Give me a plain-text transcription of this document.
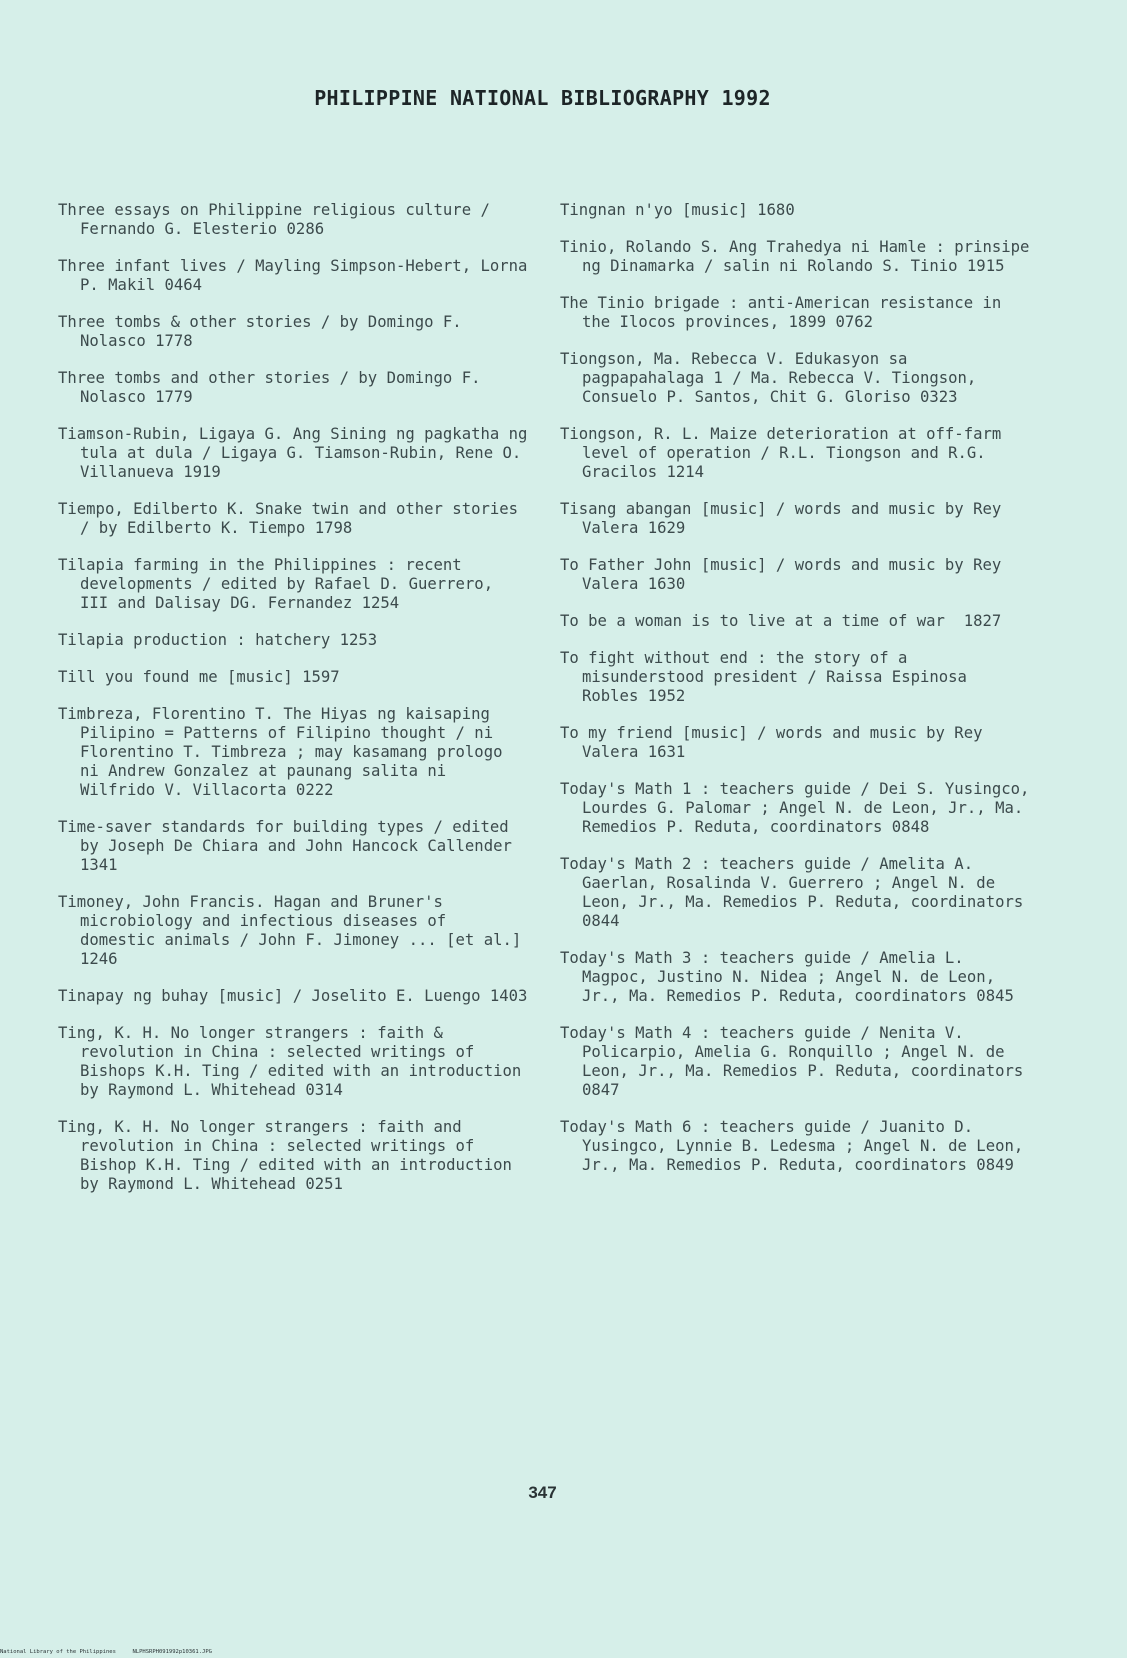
PHILIPPINE NATIONAL BIBLIOGRAPHY 1992

Three essays on Philippine religious culture / Fernando G. Elesterio 0286

Three infant lives / Mayling Simpson-Hebert, Lorna P. Makil 0464

Three tombs & other stories / by Domingo F. Nolasco 1778

Three tombs and other stories / by Domingo F. Nolasco 1779

Tiamson-Rubin, Ligaya G. Ang Sining ng pagkatha ng tula at dula / Ligaya G. Tiamson-Rubin, Rene O. Villanueva 1919

Tiempo, Edilberto K. Snake twin and other stories / by Edilberto K. Tiempo 1798

Tilapia farming in the Philippines : recent developments / edited by Rafael D. Guerrero, III and Dalisay DG. Fernandez 1254

Tilapia production : hatchery 1253

Till you found me [music] 1597

Timbreza, Florentino T. The Hiyas ng kaisaping Pilipino = Patterns of Filipino thought / ni Florentino T. Timbreza ; may kasamang prologo ni Andrew Gonzalez at paunang salita ni Wilfrido V. Villacorta 0222

Time-saver standards for building types / edited by Joseph De Chiara and John Hancock Callender 1341

Timoney, John Francis. Hagan and Bruner's microbiology and infectious diseases of domestic animals / John F. Jimoney ... [et al.] 1246

Tinapay ng buhay [music] / Joselito E. Luengo 1403

Ting, K. H. No longer strangers : faith & revolution in China : selected writings of Bishops K.H. Ting / edited with an introduction by Raymond L. Whitehead 0314

Ting, K. H. No longer strangers : faith and revolution in China : selected writings of Bishop K.H. Ting / edited with an introduction by Raymond L. Whitehead 0251

Tingnan n'yo [music] 1680

Tinio, Rolando S. Ang Trahedya ni Hamle : prinsipe ng Dinamarka / salin ni Rolando S. Tinio 1915

The Tinio brigade : anti-American resistance in the Ilocos provinces, 1899 0762

Tiongson, Ma. Rebecca V. Edukasyon sa pagpapahalaga 1 / Ma. Rebecca V. Tiongson, Consuelo P. Santos, Chit G. Gloriso 0323

Tiongson, R. L. Maize deterioration at off-farm level of operation / R.L. Tiongson and R.G. Gracilos 1214

Tisang abangan [music] / words and music by Rey Valera 1629

To Father John [music] / words and music by Rey Valera 1630

To be a woman is to live at a time of war  1827

To fight without end : the story of a misunderstood president / Raissa Espinosa Robles 1952

To my friend [music] / words and music by Rey Valera 1631

Today's Math 1 : teachers guide / Dei S. Yusingco, Lourdes G. Palomar ; Angel N. de Leon, Jr., Ma. Remedios P. Reduta, coordinators 0848

Today's Math 2 : teachers guide / Amelita A. Gaerlan, Rosalinda V. Guerrero ; Angel N. de Leon, Jr., Ma. Remedios P. Reduta, coordinators 0844

Today's Math 3 : teachers guide / Amelia L. Magpoc, Justino N. Nidea ; Angel N. de Leon, Jr., Ma. Remedios P. Reduta, coordinators 0845

Today's Math 4 : teachers guide / Nenita V. Policarpio, Amelia G. Ronquillo ; Angel N. de Leon, Jr., Ma. Remedios P. Reduta, coordinators 0847

Today's Math 6 : teachers guide / Juanito D. Yusingco, Lynnie B. Ledesma ; Angel N. de Leon, Jr., Ma. Remedios P. Reduta, coordinators 0849

347
National Library of the Philippines	NLPHSRPH091992p10361.JPG
